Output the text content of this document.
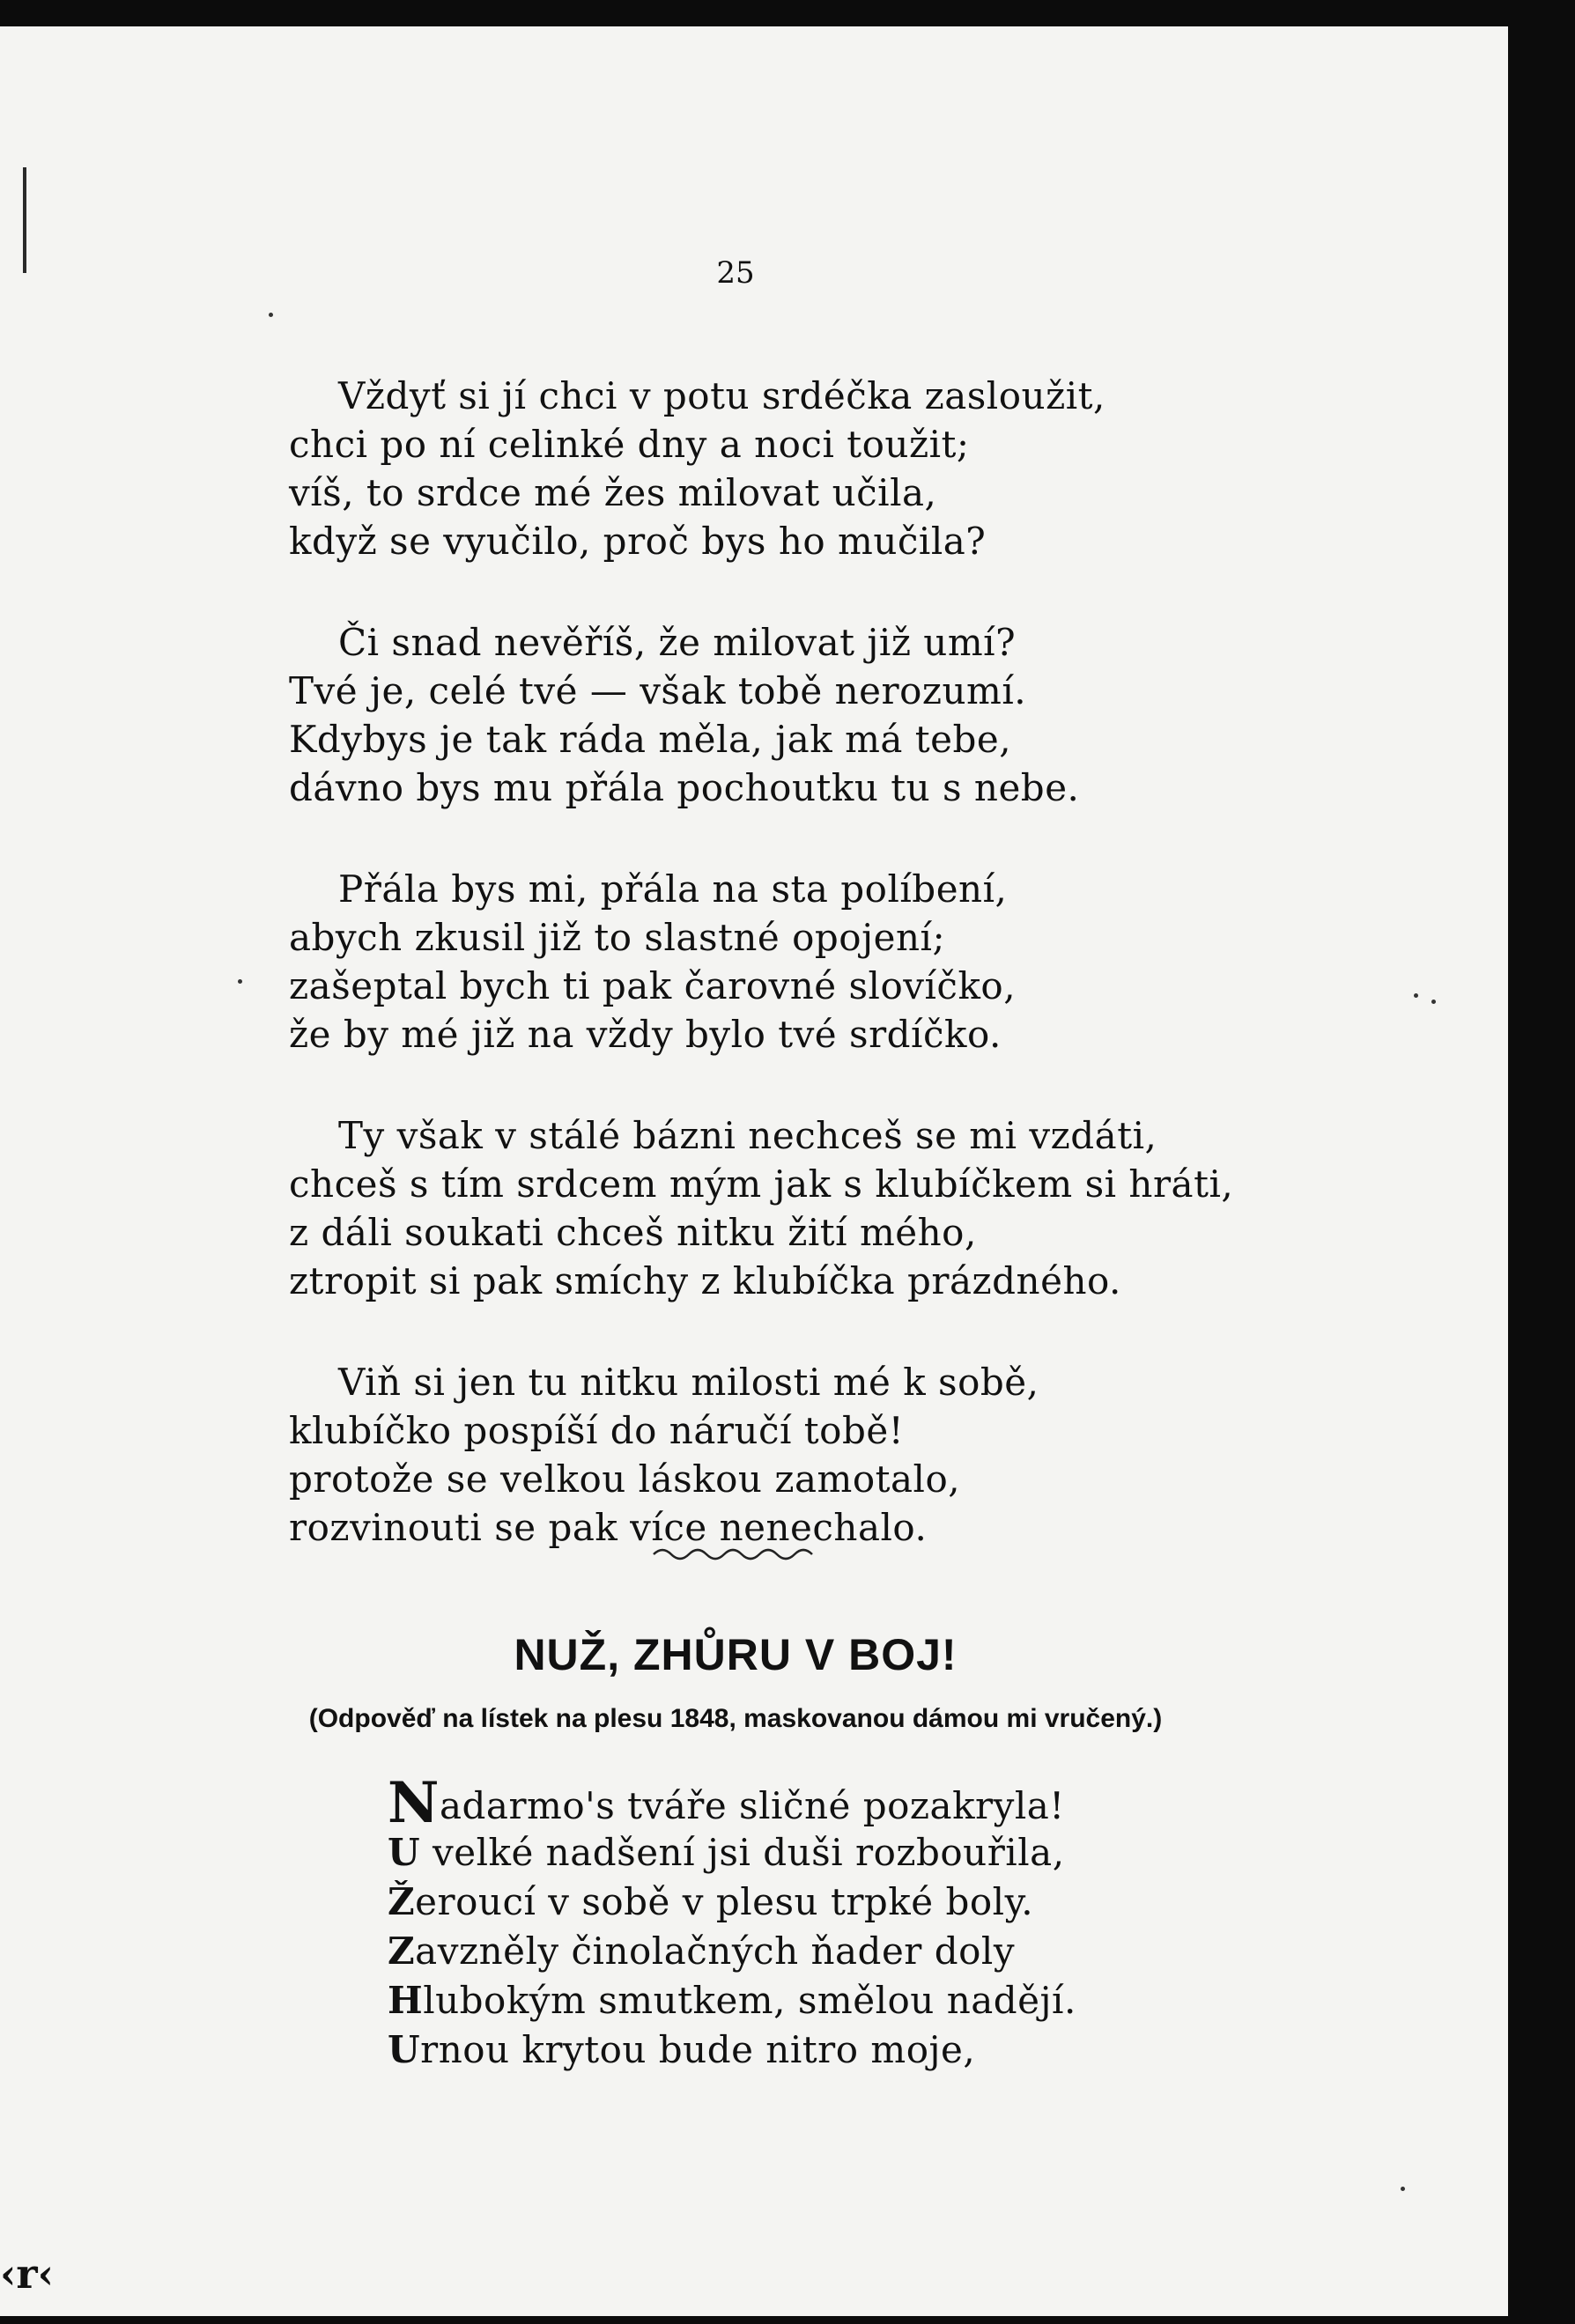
25
Vždyť si jí chci v potu srdéčka zasloužit,
chci po ní celinké dny a noci toužit;
víš, to srdce mé žes milovat učila,
když se vyučilo, proč bys ho mučila?
Či snad nevěříš, že milovat již umí?
Tvé je, celé tvé — však tobě nerozumí.
Kdybys je tak ráda měla, jak má tebe,
dávno bys mu přála pochoutku tu s nebe.
Přála bys mi, přála na sta políbení,
abych zkusil již to slastné opojení;
zašeptal bych ti pak čarovné slovíčko,
že by mé již na vždy bylo tvé srdíčko.
Ty však v stálé bázni nechceš se mi vzdáti,
chceš s tím srdcem mým jak s klubíčkem si hráti,
z dáli soukati chceš nitku žití mého,
ztropit si pak smíchy z klubíčka prázdného.
Viň si jen tu nitku milosti mé k sobě,
klubíčko pospíší do náručí tobě!
protože se velkou láskou zamotalo,
rozvinouti se pak více nenechalo.
NUŽ, ZHŮRU V BOJ!
(Odpověď na lístek na plesu 1848, maskovanou dámou mi vručený.)
Nadarmo's tváře sličné pozakryla!
U velké nadšení jsi duši rozbouřila,
Žeroucí v sobě v plesu trpké boly.
Zavzněly činolačných ňader doly
Hlubokým smutkem, smělou nadějí.
Urnou krytou bude nitro moje,
‹r‹
